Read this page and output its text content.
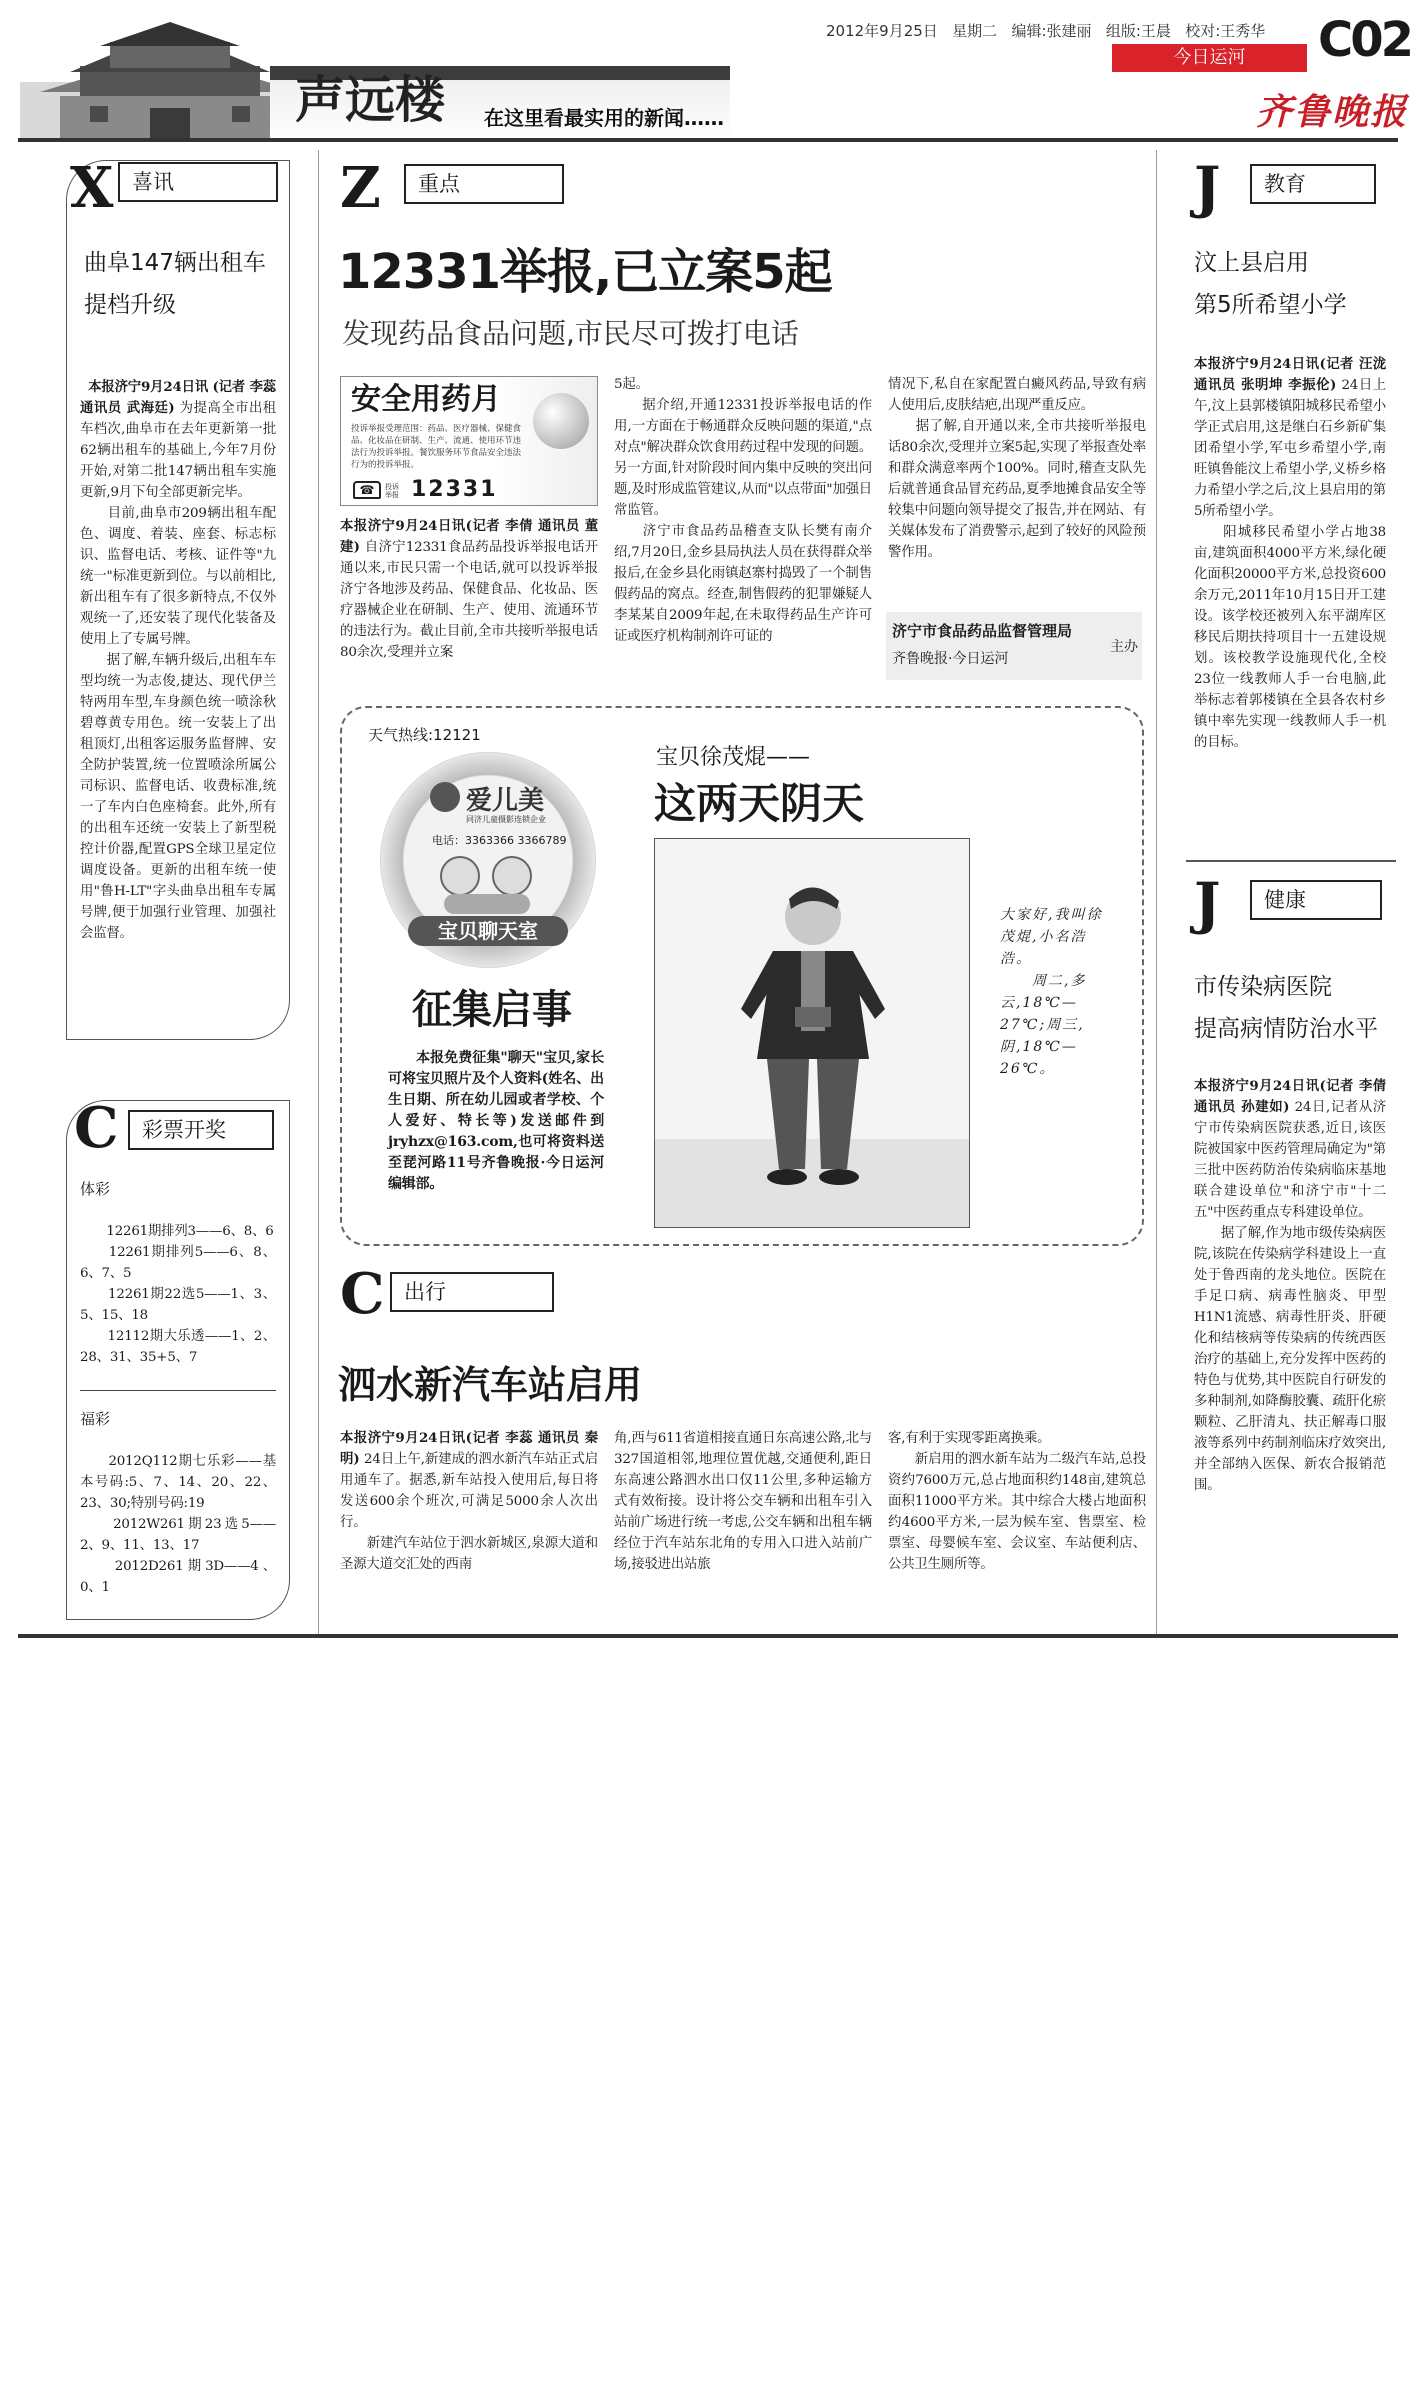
声远楼 在这里看最实用的新闻……
2012年9月25日 星期二 编辑:张建丽 组版:王晨 校对:王秀华 C02
今日运河
齐鲁晚报
X 喜讯
曲阜147辆出租车
提档升级

本报济宁9月24日讯 (记者 李蕊 通讯员 武海廷) 为提高全市出租车档次,曲阜市在去年更新第一批62辆出租车的基础上,今年7月份开始,对第二批147辆出租车实施更新,9月下旬全部更新完毕。
　　目前,曲阜市209辆出租车配色、调度、着装、座套、标志标识、监督电话、考核、证件等"九统一"标准更新到位。与以前相比,新出租车有了很多新特点,不仅外观统一了,还安装了现代化装备及使用上了专属号牌。
　　据了解,车辆升级后,出租车车型均统一为志俊,捷达、现代伊兰特两用车型,车身颜色统一喷涂秋碧尊黄专用色。统一安装上了出租顶灯,出租客运服务监督牌、安全防护装置,统一位置喷涂所属公司标识、监督电话、收费标准,统一了车内白色座椅套。此外,所有的出租车还统一安装上了新型税控计价器,配置GPS全球卫星定位调度设备。更新的出租车统一使用"鲁H-LT"字头曲阜出租车专属号牌,便于加强行业管理、加强社会监督。

C	彩票开奖
体彩

　　12261期排列3——6、8、6
　　12261期排列5——6、8、6、7、5
　　12261期22选5——1、3、5、15、18
　　12112期大乐透——1、2、28、31、35+5、7

福彩

　　2012Q112期七乐彩——基本号码:5、7、14、20、22、23、30;特别号码:19
　　2012W261期23选5——2、9、11、13、17
　　2012D261期3D——4、0、1

Z	重点
12331举报,已立案5起
发现药品食品问题,市民尽可拨打电话
安全用药月
投诉举报受理范围：药品、医疗器械、保健食品、化妆品在研制、生产、流通、使用环节违法行为投诉举报。餐饮服务环节食品安全违法行为的投诉举报。
☎	投诉举报 12331
本报济宁9月24日讯(记者 李倩 通讯员 董建) 自济宁12331食品药品投诉举报电话开通以来,市民只需一个电话,就可以投诉举报济宁各地涉及药品、保健食品、化妆品、医疗器械企业在研制、生产、使用、流通环节的违法行为。截止目前,全市共接听举报电话80余次,受理并立案
5起。
　　据介绍,开通12331投诉举报电话的作用,一方面在于畅通群众反映问题的渠道,"点对点"解决群众饮食用药过程中发现的问题。另一方面,针对阶段时间内集中反映的突出问题,及时形成监管建议,从而"以点带面"加强日常监管。
　　济宁市食品药品稽查支队长樊有南介绍,7月20日,金乡县局执法人员在获得群众举报后,在金乡县化雨镇赵寨村捣毁了一个制售假药品的窝点。经查,制售假药的犯罪嫌疑人李某某自2009年起,在未取得药品生产许可证或医疗机构制剂许可证的
情况下,私自在家配置白癜风药品,导致有病人使用后,皮肤结疤,出现严重反应。
　　据了解,自开通以来,全市共接听举报电话80余次,受理并立案5起,实现了举报查处率和群众满意率两个100%。同时,稽查支队先后就普通食品冒充药品,夏季地摊食品安全等较集中问题向领导提交了报告,并在网站、有关媒体发布了消费警示,起到了较好的风险预警作用。
济宁市食品药品监督管理局
齐鲁晚报·今日运河
主办
天气热线:12121
爱儿美
同济儿童摄影连锁企业
电话：3363366 3366789
宝贝聊天室
征集启事
　　本报免费征集"聊天"宝贝,家长可将宝贝照片及个人资料(姓名、出生日期、所在幼儿园或者学校、个人爱好、特长等)发送邮件到jryhzx@163.com,也可将资料送至琵河路11号齐鲁晚报·今日运河编辑部。
宝贝徐茂焜——
这两天阴天
大家好,我叫徐茂焜,小名浩浩。
　　周二,多云,18℃—27℃;周三,阴,18℃—26℃。
C 出行
泗水新汽车站启用
本报济宁9月24日讯(记者 李蕊 通讯员 秦明) 24日上午,新建成的泗水新汽车站正式启用通车了。据悉,新车站投入使用后,每日将发送600余个班次,可满足5000余人次出行。
　　新建汽车站位于泗水新城区,泉源大道和圣源大道交汇处的西南
角,西与611省道相接直通日东高速公路,北与327国道相邻,地理位置优越,交通便利,距日东高速公路泗水出口仅11公里,多种运输方式有效衔接。设计将公交车辆和出租车引入站前广场进行统一考虑,公交车辆和出租车辆经位于汽车站东北角的专用入口进入站前广场,接驳进出站旅
客,有利于实现零距离换乘。
　　新启用的泗水新车站为二级汽车站,总投资约7600万元,总占地面积约148亩,建筑总面积11000平方米。其中综合大楼占地面积约4600平方米,一层为候车室、售票室、检票室、母婴候车室、会议室、车站便利店、公共卫生厕所等。
J	教育
汶上县启用
第5所希望小学
本报济宁9月24日讯(记者 汪泷 通讯员 张明坤 李振伦) 24日上午,汶上县郭楼镇阳城移民希望小学正式启用,这是继白石乡新矿集团希望小学,军屯乡希望小学,南旺镇鲁能汶上希望小学,义桥乡格力希望小学之后,汶上县启用的第5所希望小学。
　　阳城移民希望小学占地38亩,建筑面积4000平方米,绿化硬化面积20000平方米,总投资600余万元,2011年10月15日开工建设。该学校还被列入东平湖库区移民后期扶持项目十一五建设规划。该校教学设施现代化,全校23位一线教师人手一台电脑,此举标志着郭楼镇在全县各农村乡镇中率先实现一线教师人手一机的目标。
J	健康
市传染病医院
提高病情防治水平
本报济宁9月24日讯(记者 李倩 通讯员 孙建如) 24日,记者从济宁市传染病医院获悉,近日,该医院被国家中医药管理局确定为"第三批中医药防治传染病临床基地联合建设单位"和济宁市"十二五"中医药重点专科建设单位。
　　据了解,作为地市级传染病医院,该院在传染病学科建设上一直处于鲁西南的龙头地位。医院在手足口病、病毒性脑炎、甲型H1N1流感、病毒性肝炎、肝硬化和结核病等传染病的传统西医治疗的基础上,充分发挥中医药的特色与优势,其中医院自行研发的多种制剂,如降酶胶囊、疏肝化瘀颗粒、乙肝清丸、扶正解毒口服液等系列中药制剂临床疗效突出,并全部纳入医保、新农合报销范围。
